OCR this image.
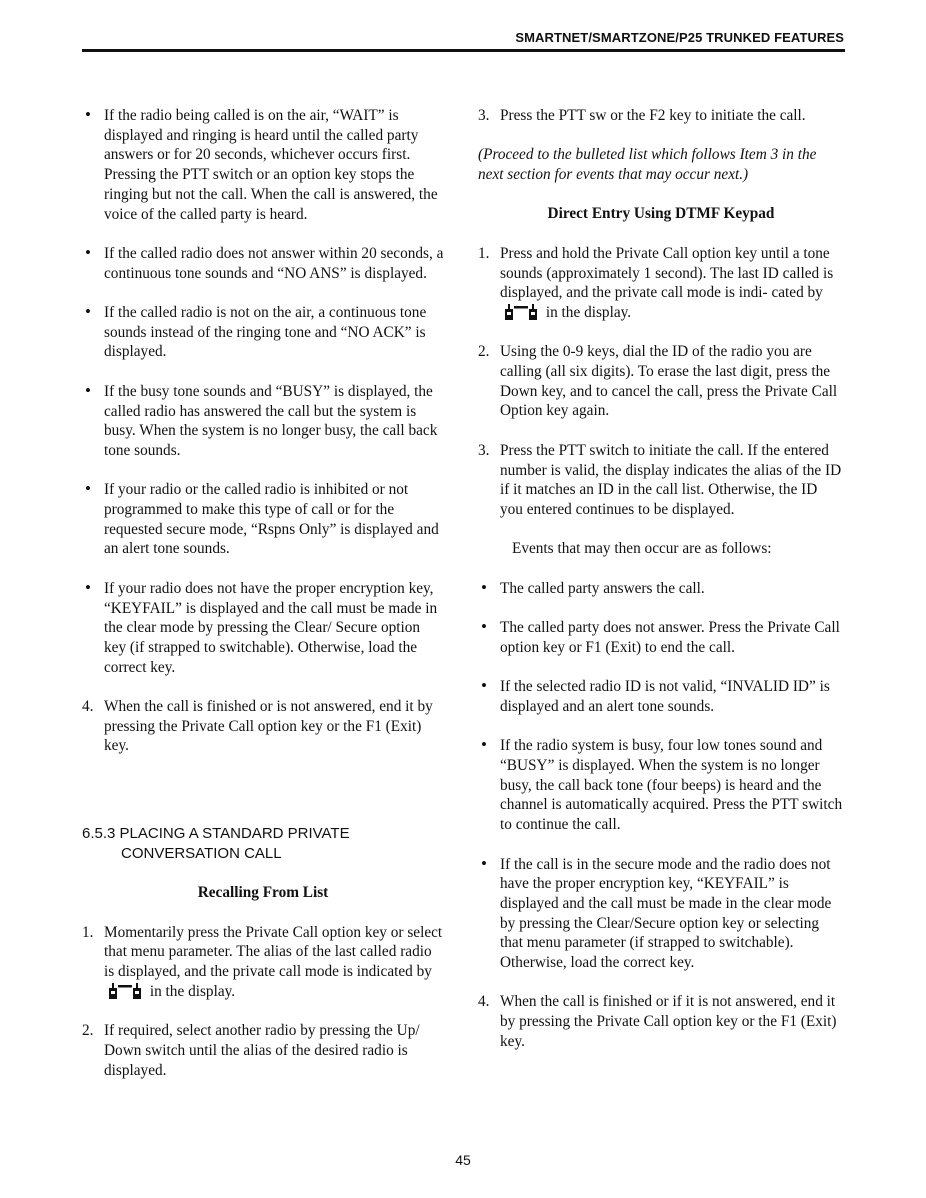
SMARTNET/SMARTZONE/P25 TRUNKED FEATURES
• If the radio being called is on the air, “WAIT” is displayed and ringing is heard until the called party answers or for 20 seconds, whichever occurs first. Pressing the PTT switch or an option key stops the ringing but not the call. When the call is answered, the voice of the called party is heard.
• If the called radio does not answer within 20 seconds, a continuous tone sounds and “NO ANS” is displayed.
• If the called radio is not on the air, a continuous tone sounds instead of the ringing tone and “NO ACK” is displayed.
• If the busy tone sounds and “BUSY” is displayed, the called radio has answered the call but the system is busy. When the system is no longer busy, the call back tone sounds.
• If your radio or the called radio is inhibited or not programmed to make this type of call or for the requested secure mode, “Rspns Only” is displayed and an alert tone sounds.
• If your radio does not have the proper encryption key, “KEYFAIL” is displayed and the call must be made in the clear mode by pressing the Clear/ Secure option key (if strapped to switchable). Otherwise, load the correct key.
4. When the call is finished or is not answered, end it by pressing the Private Call option key or the F1 (Exit) key.
6.5.3 PLACING A STANDARD PRIVATE
CONVERSATION CALL
Recalling From List
1. Momentarily press the Private Call option key or select that menu parameter. The alias of the last called radio is displayed, and the private call mode is indicated by  in the display.
2. If required, select another radio by pressing the Up/ Down switch until the alias of the desired radio is displayed.
3. Press the PTT sw or the F2 key to initiate the call.
(Proceed to the bulleted list which follows Item 3 in the next section for events that may occur next.)
Direct Entry Using DTMF Keypad
1. Press and hold the Private Call option key until a tone sounds (approximately 1 second). The last ID called is displayed, and the private call mode is indi- cated by  in the display.
2. Using the 0-9 keys, dial the ID of the radio you are calling (all six digits). To erase the last digit, press the Down key, and to cancel the call, press the Private Call Option key again.
3. Press the PTT switch to initiate the call. If the entered number is valid, the display indicates the alias of the ID if it matches an ID in the call list. Otherwise, the ID you entered continues to be displayed.
Events that may then occur are as follows:
• The called party answers the call.
• The called party does not answer. Press the Private Call option key or F1 (Exit) to end the call.
• If the selected radio ID is not valid, “INVALID ID” is displayed and an alert tone sounds.
• If the radio system is busy, four low tones sound and “BUSY” is displayed. When the system is no longer busy, the call back tone (four beeps) is heard and the channel is automatically acquired. Press the PTT switch to continue the call.
• If the call is in the secure mode and the radio does not have the proper encryption key, “KEYFAIL” is displayed and the call must be made in the clear mode by pressing the Clear/Secure option key or selecting that menu parameter (if strapped to switchable). Otherwise, load the correct key.
4. When the call is finished or if it is not answered, end it by pressing the Private Call option key or the F1 (Exit) key.
45
